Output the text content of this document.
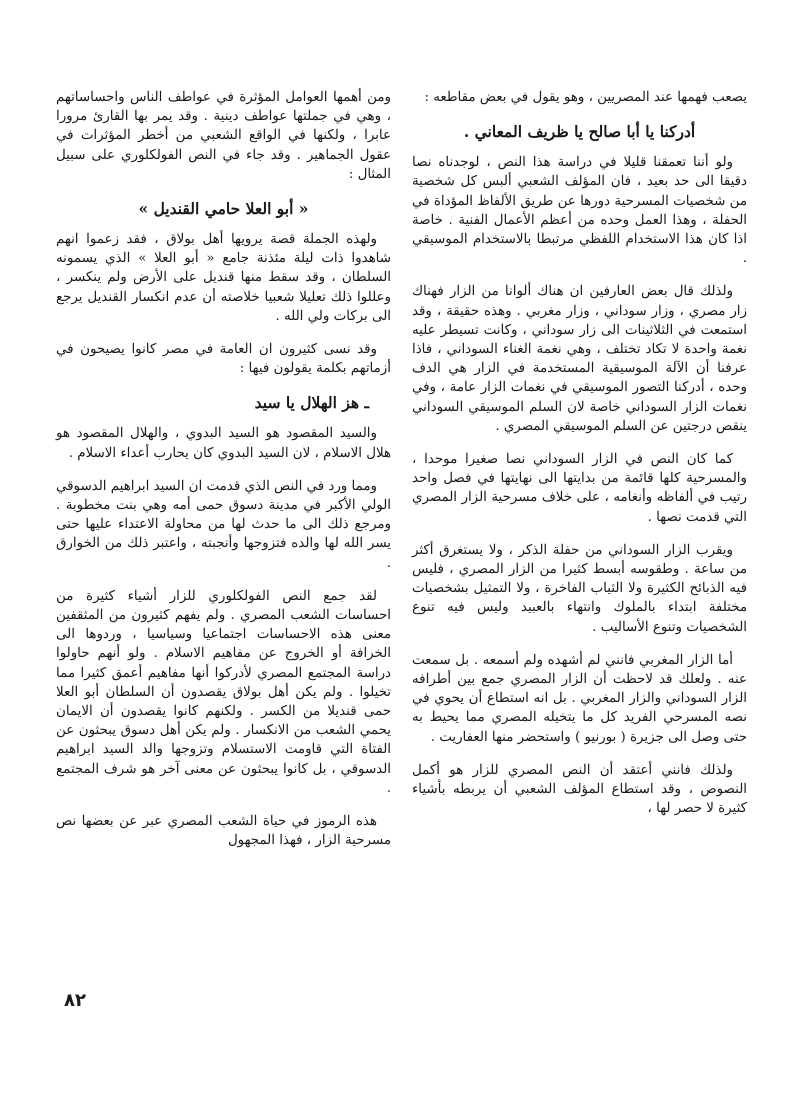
يصعب فهمها عند المصريين ، وهو يقول في بعض مقاطعه :

أدركنا يا أبا صالح يا ظريف المعاني .

ولو أننا تعمقنا قليلا في دراسة هذا النص ، لوجدناه نصا دقيقا الى حد بعيد ، فان المؤلف الشعبي ألبس كل شخصية من شخصيات المسرحية دورها عن طريق الألفاظ المؤداة في الحفلة ، وهذا العمل وحده من أعظم الأعمال الفنية . خاصة اذا كان هذا الاستخدام اللفظي مرتبطا بالاستخدام الموسيقي .

ولذلك قال بعض العارفين ان هناك ألوانا من الزار فهناك زار مصري ، وزار سوداني ، وزار مغربي . وهذه حقيقة ، وقد استمعت في الثلاثينات الى زار سوداني ، وكانت تسيطر عليه نغمة واحدة لا تكاد تختلف ، وهي نغمة الغناء السوداني ، فاذا عرفنا أن الآلة الموسيقية المستخدمة في الزار هي الدف وحده ، أدركنا التصور الموسيقي في نغمات الزار عامة ، وفي نغمات الزار السوداني خاصة لان السلم الموسيقي السوداني ينقص درجتين عن السلم الموسيقي المصري .

كما كان النص في الزار السوداني نصا صغيرا موحدا ، والمسرحية كلها قائمة من بدايتها الى نهايتها في فصل واحد رتيب في ألفاظه وأنغامه ، على خلاف مسرحية الزار المصري التي قدمت نصها .

ويقرب الزار السوداني من حفلة الذكر ، ولا يستغرق أكثر من ساعة . وطقوسه أبسط كثيرا من الزار المصري ، فليس فيه الذبائح الكثيرة ولا الثياب الفاخرة ، ولا التمثيل بشخصيات مختلفة ابتداء بالملوك وانتهاء بالعبيد وليس فيه تنوع الشخصيات وتنوع الأساليب .

أما الزار المغربي فانني لم أشهده ولم أسمعه . بل سمعت عنه . ولعلك قد لاحظت أن الزار المصري جمع بين أطرافه الزار السوداني والزار المغربي . بل انه استطاع أن يحوي في نصه المسرحي الفريد كل ما يتخيله المصري مما يحيط به حتى وصل الى جزيرة ( بورنيو ) واستحضر منها العفاريت .

ولذلك فانني أعتقد أن النص المصري للزار هو أكمل النصوص ، وقد استطاع المؤلف الشعبي أن يربطه بأشياء كثيرة لا حصر لها ،

ومن أهمها العوامل المؤثرة في عواطف الناس واحساساتهم ، وهي في جملتها عواطف دينية . وقد يمر بها القارئ مرورا عابرا ، ولكنها في الواقع الشعبي من أخطر المؤثرات في عقول الجماهير . وقد جاء في النص الفولكلوري على سبيل المثال :

« أبو العلا حامي القنديل »

ولهذه الجملة قصة يرويها أهل بولاق ، فقد زعموا انهم شاهدوا ذات ليلة مئذنة جامع « أبو العلا » الذي يسمونه السلطان ، وقد سقط منها قنديل على الأرض ولم ينكسر ، وعللوا ذلك تعليلا شعبيا خلاصته أن عدم انكسار القنديل يرجع الى بركات ولي الله .

وقد نسى كثيرون ان العامة في مصر كانوا يصيحون في أزماتهم بكلمة يقولون فيها :

ـ هز الهلال يا سيد

والسيد المقصود هو السيد البدوي ، والهلال المقصود هو هلال الاسلام ، لان السيد البدوي كان يحارب أعداء الاسلام .

ومما ورد في النص الذي قدمت ان السيد ابراهيم الدسوقي الولي الأكبر في مدينة دسوق حمى أمه وهي بنت مخطوبة . ومرجع ذلك الى ما حدث لها من محاولة الاعتداء عليها حتى يسر الله لها والده فتزوجها وأنجبته ، واعتبر ذلك من الخوارق .

لقد جمع النص الفولكلوري للزار أشياء كثيرة من احساسات الشعب المصري . ولم يفهم كثيرون من المثقفين معنى هذه الاحساسات اجتماعيا وسياسيا ، وردوها الى الخرافة أو الخروج عن مفاهيم الاسلام . ولو أنهم حاولوا دراسة المجتمع المصري لأدركوا أنها مفاهيم أعمق كثيرا مما تخيلوا . ولم يكن أهل بولاق يقصدون أن السلطان أبو العلا حمى قنديلا من الكسر . ولكنهم كانوا يقصدون أن الايمان يحمي الشعب من الانكسار . ولم يكن أهل دسوق يبحثون عن الفتاة التي قاومت الاستسلام وتزوجها والد السيد ابراهيم الدسوقي ، بل كانوا يبحثون عن معنى آخر هو شرف المجتمع .

هذه الرموز في حياة الشعب المصري عبر عن بعضها نص مسرحية الزار ، فهذا المجهول

٨٢
